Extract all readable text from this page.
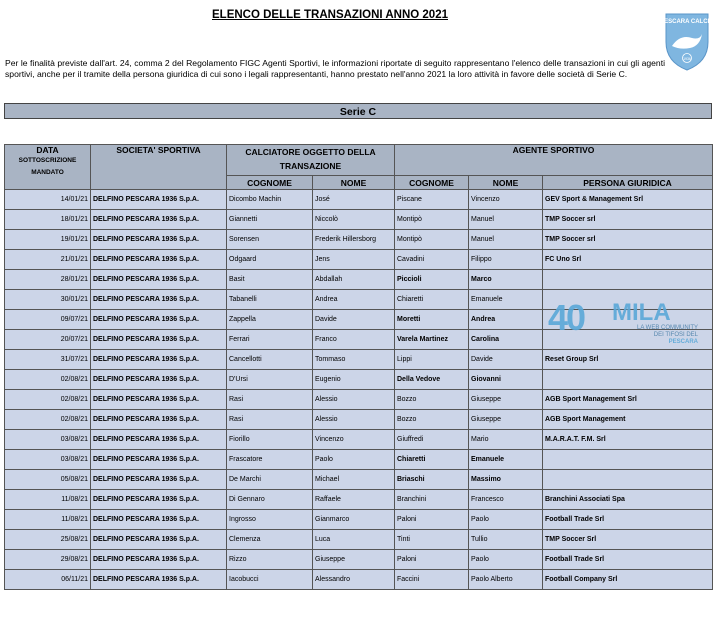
ELENCO DELLE TRANSAZIONI ANNO 2021
PESCARA CALCIO
1936
Per le finalità previste dall'art. 24, comma 2 del Regolamento FIGC Agenti Sportivi, le informazioni riportate di seguito rappresentano l'elenco delle transazioni in cui gli agenti sportivi, anche per il tramite della persona giuridica di cui sono i legali rappresentanti, hanno prestato nell'anno 2021 la loro attività in favore delle società di Serie C.
Serie C
DATA
SOTTOSCRIZIONE MANDATO	SOCIETA' SPORTIVA	CALCIATORE OGGETTO DELLA TRANSAZIONE		AGENTE SPORTIVO		
		COGNOME	NOME	COGNOME	NOME	PERSONA GIURIDICA
14/01/21	DELFINO PESCARA 1936 S.p.A.	Dicombo Machin	José	Piscane	Vincenzo	GEV Sport & Management Srl
18/01/21	DELFINO PESCARA 1936 S.p.A.	Giannetti	Niccolò	Montipò	Manuel	TMP Soccer srl
19/01/21	DELFINO PESCARA 1936 S.p.A.	Sorensen	Frederik Hillersborg	Montipò	Manuel	TMP Soccer srl
21/01/21	DELFINO PESCARA 1936 S.p.A.	Odgaard	Jens	Cavadini	Filippo	FC Uno Srl
28/01/21	DELFINO PESCARA 1936 S.p.A.	Basit	Abdallah	Piccioli	Marco	
30/01/21	DELFINO PESCARA 1936 S.p.A.	Tabanelli	Andrea	Chiaretti	Emanuele	
09/07/21	DELFINO PESCARA 1936 S.p.A.	Zappella	Davide	Moretti	Andrea	
20/07/21	DELFINO PESCARA 1936 S.p.A.	Ferrari	Franco	Varela Martinez	Carolina	
31/07/21	DELFINO PESCARA 1936 S.p.A.	Cancellotti	Tommaso	Lippi	Davide	Reset Group Srl
02/08/21	DELFINO PESCARA 1936 S.p.A.	D'Ursi	Eugenio	Della Vedove	Giovanni	
02/08/21	DELFINO PESCARA 1936 S.p.A.	Rasi	Alessio	Bozzo	Giuseppe	AGB Sport Management Srl
02/08/21	DELFINO PESCARA 1936 S.p.A.	Rasi	Alessio	Bozzo	Giuseppe	AGB Sport Management
03/08/21	DELFINO PESCARA 1936 S.p.A.	Fiorillo	Vincenzo	Giuffredi	Mario	M.A.R.A.T. F.M. Srl
03/08/21	DELFINO PESCARA 1936 S.p.A.	Frascatore	Paolo	Chiaretti	Emanuele	
05/08/21	DELFINO PESCARA 1936 S.p.A.	De Marchi	Michael	Briaschi	Massimo	
11/08/21	DELFINO PESCARA 1936 S.p.A.	Di Gennaro	Raffaele	Branchini	Francesco	Branchini Associati Spa
11/08/21	DELFINO PESCARA 1936 S.p.A.	Ingrosso	Gianmarco	Paloni	Paolo	Football Trade Srl
25/08/21	DELFINO PESCARA 1936 S.p.A.	Clemenza	Luca	Tinti	Tullio	TMP Soccer Srl
29/08/21	DELFINO PESCARA 1936 S.p.A.	Rizzo	Giuseppe	Paloni	Paolo	Football Trade Srl
06/11/21	DELFINO PESCARA 1936 S.p.A.	Iacobucci	Alessandro	Faccini	Paolo Alberto	Football Company Srl
40 MILA
LA WEB COMMUNITY
DEI TIFOSI DEL PESCARA
